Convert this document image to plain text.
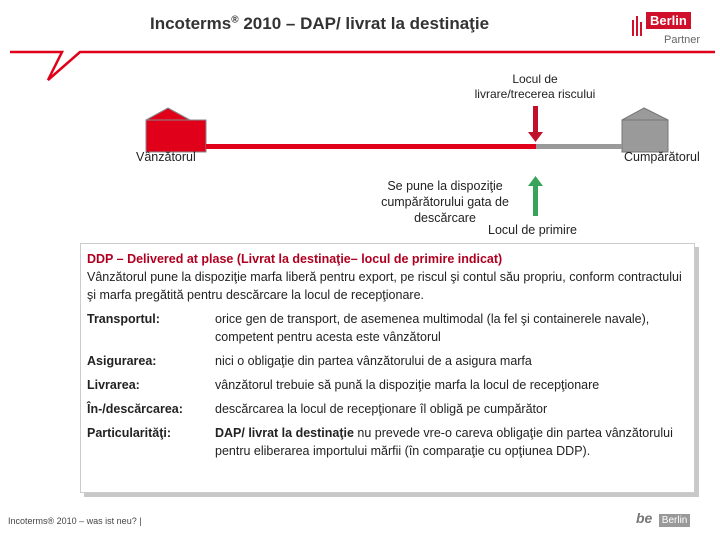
Incoterms® 2010 – DAP/ livrat la destinaţie	Berlin
Partner
Locul de
livrare/trecerea riscului
Vânzătorul	Cumpărătorul
Se pune la dispoziţie
cumpărătorului gata de
descărcare
Locul de primire
DDP – Delivered at plase (Livrat la destinaţie– locul de primire indicat)
Vânzătorul pune la dispoziţie marfa liberă pentru export, pe riscul şi contul său propriu, conform contractului şi marfa pregătită pentru descărcare la locul de recepţionare.
Transportul:	orice gen de transport, de asemenea multimodal (la fel şi containerele navale), competent pentru acesta este vânzătorul
Asigurarea:	nici o obligaţie din partea vânzătorului de a asigura marfa
Livrarea:	vânzătorul trebuie să pună la dispoziţie marfa la locul de recepţionare
În-/descărcarea:	descărcarea la locul de recepţionare îl obligă pe cumpărător
Particularităţi:	DAP/ livrat la destinaţie nu prevede vre-o careva obligaţie din partea vânzătorului pentru eliberarea importului mărfii (în comparaţie cu opţiunea DDP).
Incoterms® 2010 – was ist neu? |	be Berlin
